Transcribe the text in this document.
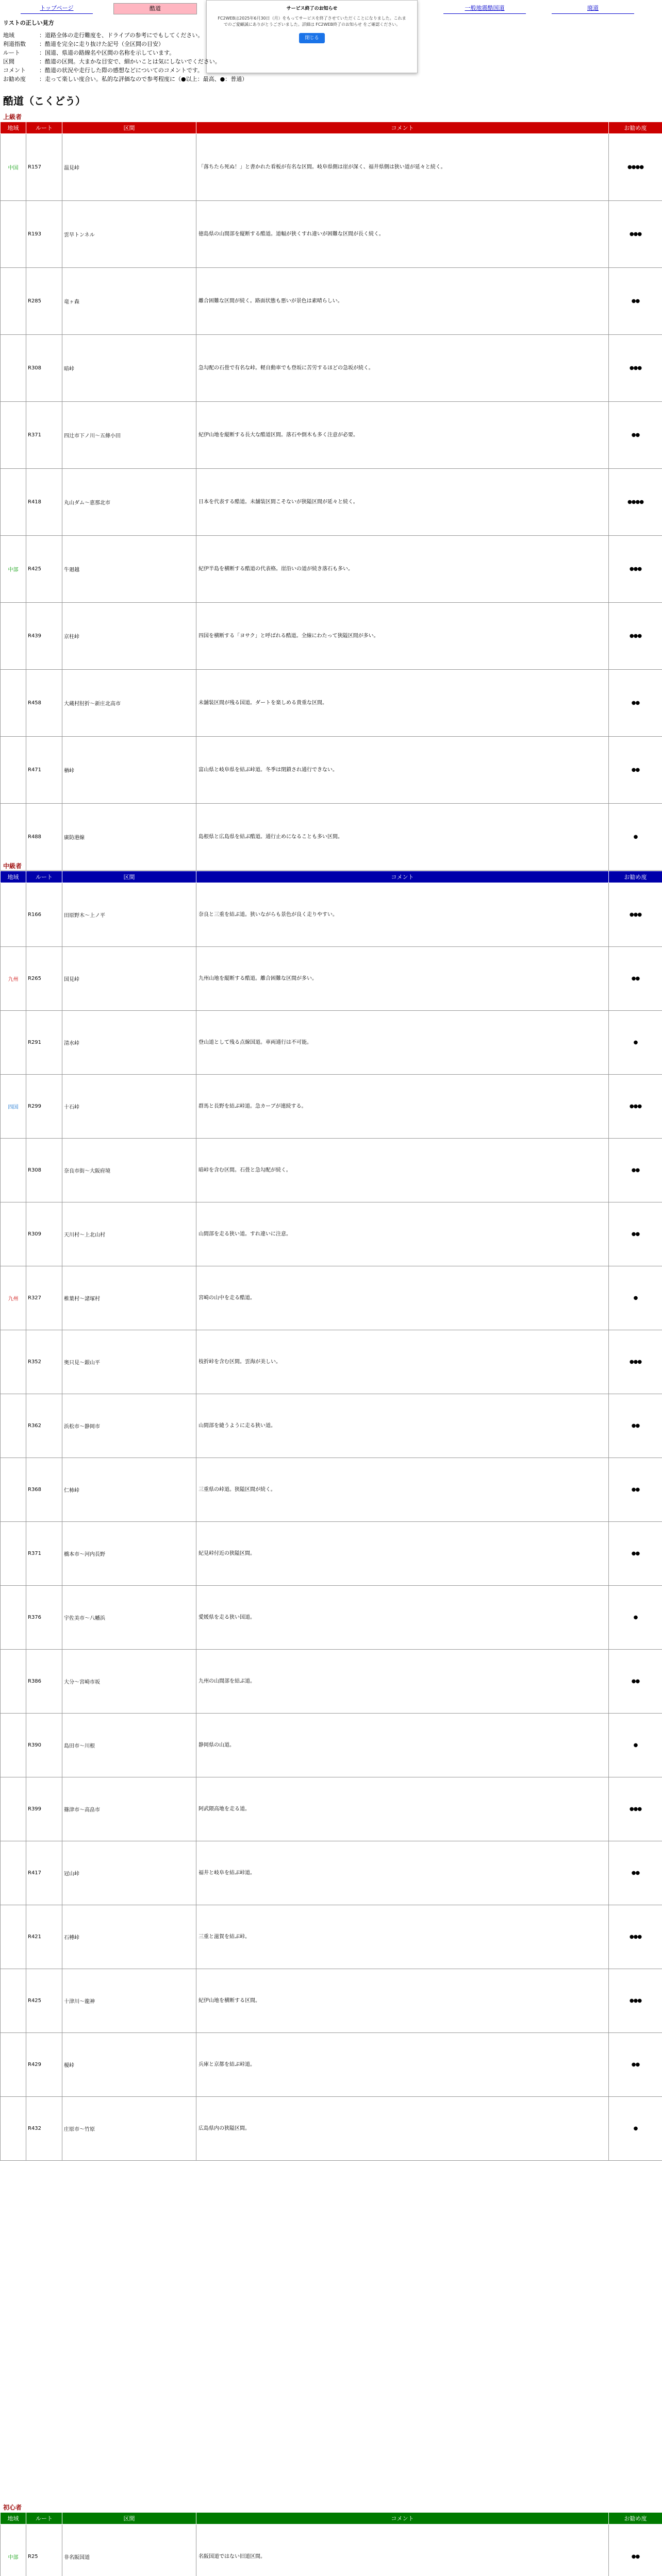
トップページ	酷道	一般地震酷国道	廃道
サービス終了のお知らせ
FC2WEBは2025年6月30日（月）をもってサービスを終了させていただくことになりました。これまでのご愛顧誠にありがとうございました。詳細は FC2WEB終了のお知らせ をご確認ください。
閉じる
リストの正しい見方
地域	：道路全体の走行難度を、ドライブの参考にでもしてください。
利道指数 ：酷道を完全に走り抜けた記号（全区間の目安）
ルート	：国道、県道の路線名や区間の名称を示しています。
区間	：酷道の区間。大まかな目安で、細かいことは気にしないでください。
コメント ：酷道の状況や走行した際の感想などについてのコメントです。
お勧め度 ：走って楽しい度合い。私的な評価なので参考程度に（●以上：最高、●：普通）
酷道（こくどう）
上級者
地域	ルート	区間	コメント	お勧め度
中国	R157	温見峠	「落ちたら死ぬ！」と書かれた看板が有名な区間。岐阜県側は崖が深く、福井県側は狭い道が延々と続く。	●●●●
	R193	雲早トンネル	徳島県の山間部を縦断する酷道。道幅が狭くすれ違いが困難な区間が長く続く。	●●●
	R285	竜ヶ森	離合困難な区間が続く。路面状態も悪いが景色は素晴らしい。	●●
	R308	暗峠	急勾配の石畳で有名な峠。軽自動車でも登坂に苦労するほどの急坂が続く。	●●●
	R371	四辻市下ノ川～五條小田	紀伊山地を縦断する長大な酷道区間。落石や倒木も多く注意が必要。	●●
	R418	丸山ダム～恵那北市	日本を代表する酷道。未舗装区間こそないが狭隘区間が延々と続く。	●●●●
中部	R425	牛廻越	紀伊半島を横断する酷道の代表格。崖沿いの道が続き落石も多い。	●●●
	R439	京柱峠	四国を横断する「ヨサク」と呼ばれる酷道。全線にわたって狭隘区間が多い。	●●●
	R458	大蔵村肘折～新庄北高市	未舗装区間が残る国道。ダートを楽しめる貴重な区間。	●●
	R471	楢峠	富山県と岐阜県を結ぶ峠道。冬季は閉鎖され通行できない。	●●
	R488	廣防港線	島根県と広島県を結ぶ酷道。通行止めになることも多い区間。	●
中級者
地域	ルート	区間	コメント	お勧め度
	R166	田原野木～上ノ平	奈良と三重を結ぶ道。狭いながらも景色が良く走りやすい。	●●●
九州	R265	国見峠	九州山地を縦断する酷道。離合困難な区間が多い。	●●
	R291	清水峠	登山道として残る点線国道。車両通行は不可能。	●
四国	R299	十石峠	群馬と長野を結ぶ峠道。急カーブが連続する。	●●●
	R308	奈良市街～大阪府境	暗峠を含む区間。石畳と急勾配が続く。	●●
	R309	天川村～上北山村	山間部を走る狭い道。すれ違いに注意。	●●
九州	R327	椎葉村～諸塚村	宮崎の山中を走る酷道。	●
	R352	奥只見～銀山平	枝折峠を含む区間。雲海が美しい。	●●●
	R362	浜松市～静岡市	山間部を縫うように走る狭い道。	●●
	R368	仁柿峠	三重県の峠道。狭隘区間が続く。	●●
	R371	橋本市～河内長野	紀見峠付近の狭隘区間。	●●
	R376	宇佐美市～八幡浜	愛媛県を走る狭い国道。	●
	R386	大分～宮崎市坂	九州の山間部を結ぶ道。	●●
	R390	島田市～川根	静岡県の山道。	●
	R399	篠津市～高畠市	阿武隈高地を走る道。	●●●
	R417	冠山峠	福井と岐阜を結ぶ峠道。	●●
	R421	石榑峠	三重と滋賀を結ぶ峠。	●●●
	R425	十津川～龍神	紀伊山地を横断する区間。	●●●
	R429	榎峠	兵庫と京都を結ぶ峠道。	●●
	R432	庄原市～竹原	広島県内の狭隘区間。	●
初心者
地域	ルート	区間	コメント	お勧め度
中部	R25	非名阪国道	名阪国道ではない旧道区間。	●●
